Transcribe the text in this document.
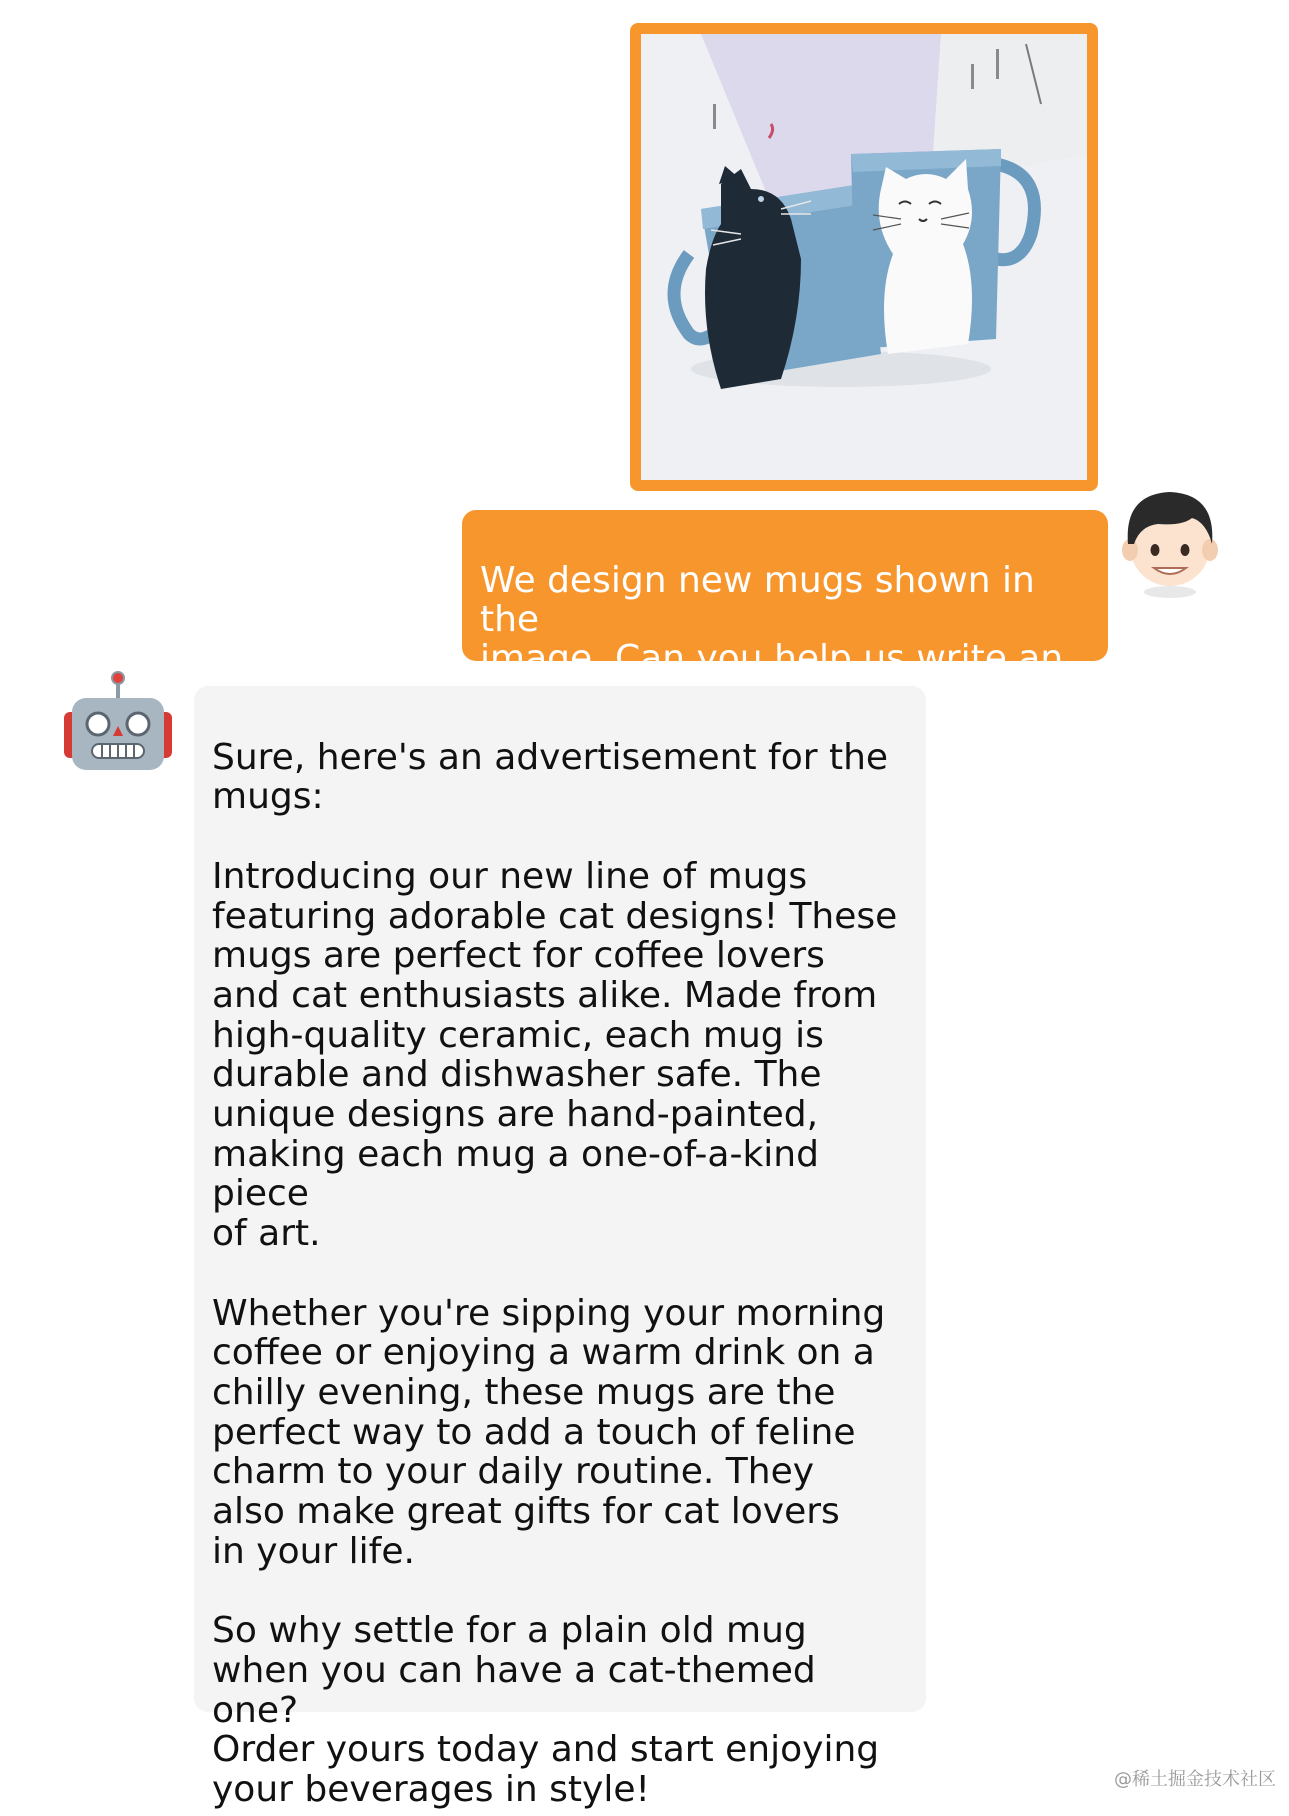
We design new mugs shown in the
image. Can you help us write an

Sure, here's an advertisement for the
mugs:

Introducing our new line of mugs
featuring adorable cat designs! These
mugs are perfect for coffee lovers
and cat enthusiasts alike. Made from
high-quality ceramic, each mug is
durable and dishwasher safe. The
unique designs are hand-painted,
making each mug a one-of-a-kind piece
of art.

Whether you're sipping your morning
coffee or enjoying a warm drink on a
chilly evening, these mugs are the
perfect way to add a touch of feline
charm to your daily routine. They
also make great gifts for cat lovers
in your life.

So why settle for a plain old mug
when you can have a cat-themed one?
Order yours today and start enjoying
your beverages in style!	@稀土掘金技术社区
